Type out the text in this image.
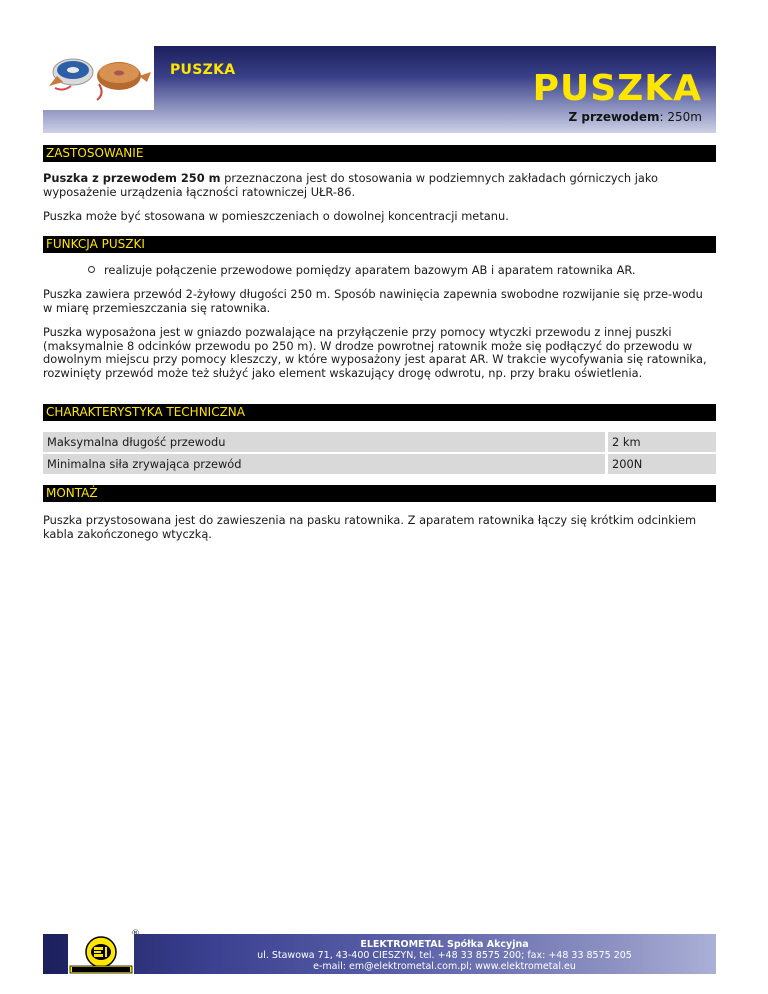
PUSZKA	PUSZKA
Z przewodem: 250m
ZASTOSOWANIE
Puszka z przewodem 250 m przeznaczona jest do stosowania w podziemnych zakładach górniczych jako wyposażenie urządzenia łączności ratowniczej UŁR-86.
Puszka może być stosowana w pomieszczeniach o dowolnej koncentracji metanu.
FUNKCJA PUSZKI
realizuje połączenie przewodowe pomiędzy aparatem bazowym AB i aparatem ratownika AR.
Puszka zawiera przewód 2-żyłowy długości 250 m. Sposób nawinięcia zapewnia swobodne rozwijanie się prze-wodu w miarę przemieszczania się ratownika.
Puszka wyposażona jest w gniazdo pozwalające na przyłączenie przy pomocy wtyczki przewodu z innej puszki (maksymalnie 8 odcinków przewodu po 250 m). W drodze powrotnej ratownik może się podłączyć do przewodu w dowolnym miejscu przy pomocy kleszczy, w które wyposażony jest aparat AR. W trakcie wycofywania się ratownika, rozwinięty przewód może też służyć jako element wskazujący drogę odwrotu, np. przy braku oświetlenia.
CHARAKTERYSTYKA TECHNICZNA
Maksymalna długość przewodu	2 km
Minimalna siła zrywająca przewód	200N
MONTAŻ
Puszka przystosowana jest do zawieszenia na pasku ratownika. Z aparatem ratownika łączy się krótkim odcinkiem kabla zakończonego wtyczką.
ELEKTROMETAL Spółka Akcyjna
ul. Stawowa 71, 43-400 CIESZYN, tel. +48 33 8575 200; fax: +48 33 8575 205
e-mail: em@elektrometal.com.pl; www.elektrometal.eu
